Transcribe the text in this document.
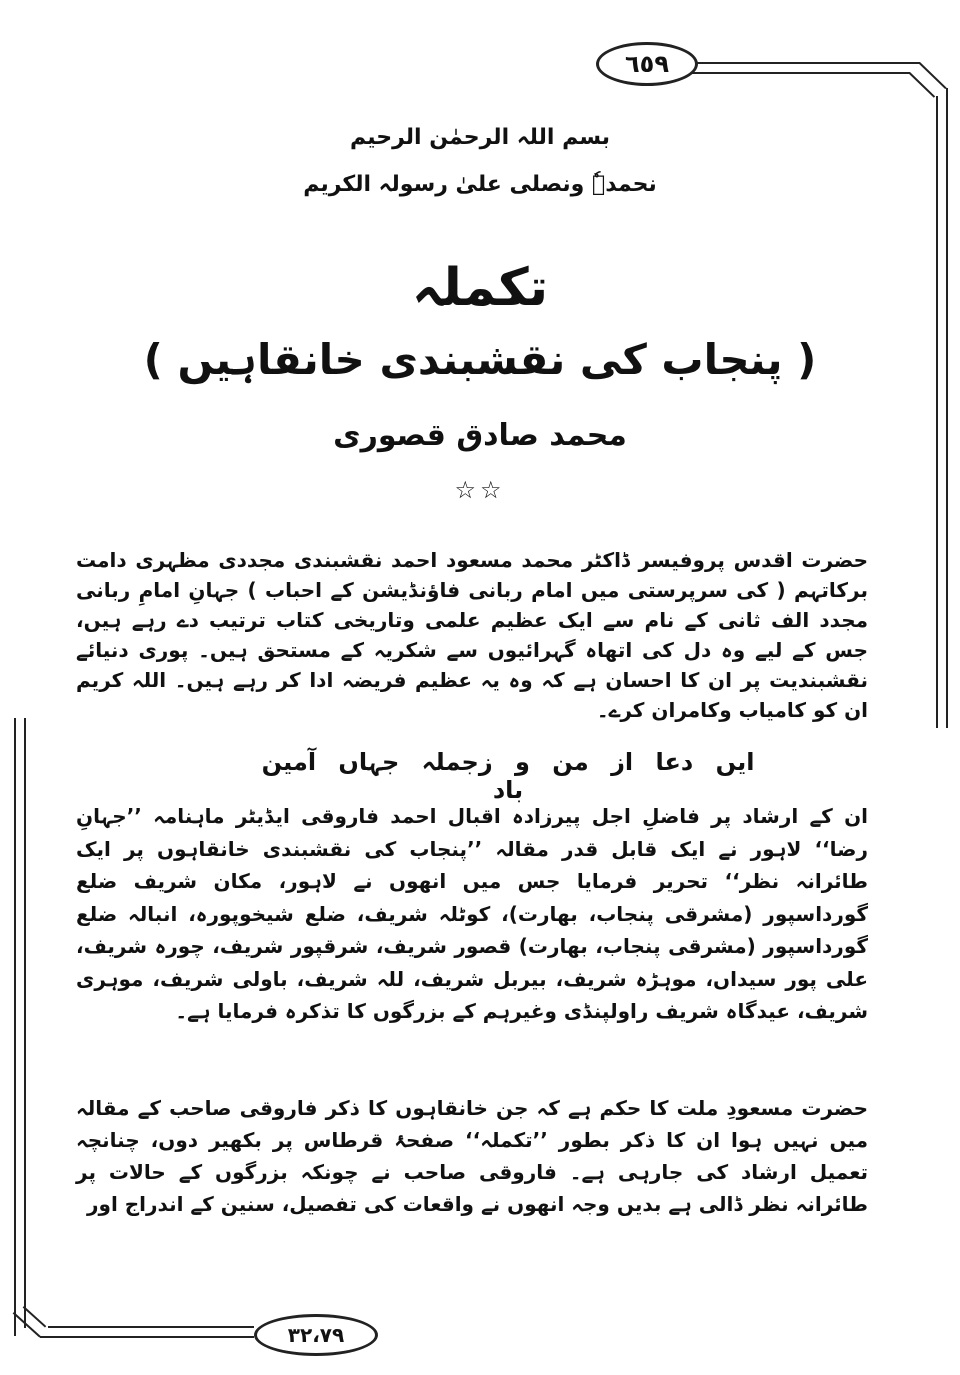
٦٥٩
٣٢،٧٩
بسم اللہ الرحمٰن الرحیم
نحمدہٗ ونصلی علیٰ رسولہ الکریم
تکملہ
( پنجاب کی نقشبندی خانقاہیں )
محمد صادق قصوری
☆☆
حضرت اقدس پروفیسر ڈاکٹر محمد مسعود احمد نقشبندی مجددی مظہری دامت برکاتہم ( کی سرپرستی میں امام ربانی فاؤنڈیشن کے احباب ) جہانِ امامِ ربانی مجدد الف ثانی کے نام سے ایک عظیم علمی وتاریخی کتاب ترتیب دے رہے ہیں، جس کے لیے وہ دل کی اتھاہ گہرائیوں سے شکریہ کے مستحق ہیں۔ پوری دنیائے نقشبندیت پر ان کا احسان ہے کہ وہ یہ عظیم فریضہ ادا کر رہے ہیں۔ اللہ کریم ان کو کامیاب وکامران کرے۔
ایں دعا از من و زجملہ جہاں آمین باد
ان کے ارشاد پر فاضلِ اجل پیرزادہ اقبال احمد فاروقی ایڈیٹر ماہنامہ ’’جہانِ رضا‘‘ لاہور نے ایک قابل قدر مقالہ ’’پنجاب کی نقشبندی خانقاہوں پر ایک طائرانہ نظر‘‘ تحریر فرمایا جس میں انھوں نے لاہور، مکان شریف ضلع گورداسپور (مشرقی پنجاب، بھارت)، کوٹلہ شریف، ضلع شیخوپورہ، انبالہ ضلع گورداسپور (مشرقی پنجاب، بھارت) قصور شریف، شرقپور شریف، چورہ شریف، علی پور سیداں، موہڑہ شریف، بیربل شریف، للہ شریف، باولی شریف، موہری شریف، عیدگاہ شریف راولپنڈی وغیرہم کے بزرگوں کا تذکرہ فرمایا ہے۔
حضرت مسعودِ ملت کا حکم ہے کہ جن خانقاہوں کا ذکر فاروقی صاحب کے مقالہ میں نہیں ہوا ان کا ذکر بطور ’’تکملہ‘‘ صفحۂ قرطاس پر بکھیر دوں، چنانچہ تعمیل ارشاد کی جارہی ہے۔ فاروقی صاحب نے چونکہ بزرگوں کے حالات پر طائرانہ نظر ڈالی ہے بدیں وجہ انھوں نے واقعات کی تفصیل، سنین کے اندراج اور
